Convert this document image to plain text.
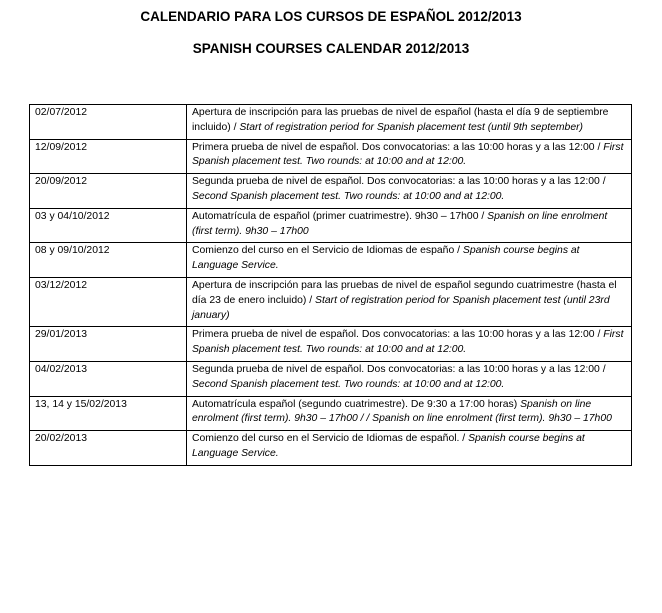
CALENDARIO PARA LOS CURSOS DE ESPAÑOL 2012/2013
SPANISH COURSES CALENDAR 2012/2013
02/07/2012	Apertura de inscripción para las pruebas de nivel de español (hasta el día 9 de septiembre incluido) / Start of registration period for Spanish placement test (until 9th september)
12/09/2012	Primera prueba de nivel de español. Dos convocatorias: a las 10:00 horas y a las 12:00 / First Spanish placement test. Two rounds: at 10:00 and at 12:00.
20/09/2012	Segunda prueba de nivel de español. Dos convocatorias: a las 10:00 horas y a las 12:00 / Second Spanish placement test. Two rounds: at 10:00 and at 12:00.
03 y 04/10/2012	Automatrícula de español (primer cuatrimestre). 9h30 – 17h00 / Spanish on line enrolment (first term). 9h30 – 17h00
08 y 09/10/2012	Comienzo del curso en el Servicio de Idiomas de españo / Spanish course begins at Language Service.
03/12/2012	Apertura de inscripción para las pruebas de nivel de español segundo cuatrimestre (hasta el día 23 de enero incluido) / Start of registration period for Spanish placement test (until 23rd january)
29/01/2013	Primera prueba de nivel de español. Dos convocatorias: a las 10:00 horas y a las 12:00 / First Spanish placement test. Two rounds: at 10:00 and at 12:00.
04/02/2013	Segunda prueba de nivel de español. Dos convocatorias: a las 10:00 horas y a las 12:00 / Second Spanish placement test. Two rounds: at 10:00 and at 12:00.
13, 14 y 15/02/2013	Automatrícula español (segundo cuatrimestre). De 9:30 a 17:00 horas) Spanish on line enrolment (first term). 9h30 – 17h00 / / Spanish on line enrolment (first term). 9h30 – 17h00
20/02/2013	Comienzo del curso en el Servicio de Idiomas de español. / Spanish course begins at Language Service.
